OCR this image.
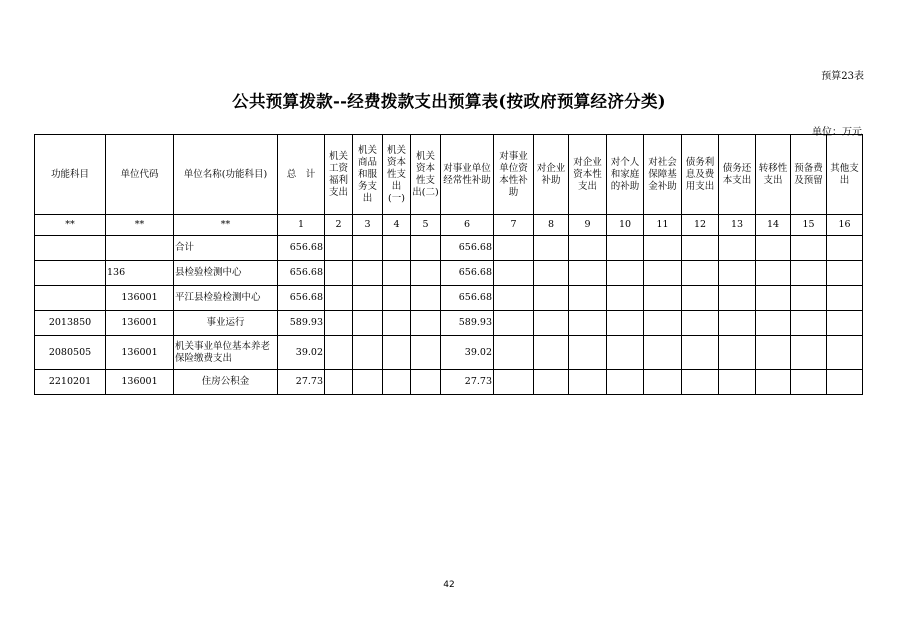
预算23表
公共预算拨款--经费拨款支出预算表(按政府预算经济分类)
单位：万元
功能科目	单位代码	单位名称(功能科目)	总　计	机关工资福利支出	机关商品和服务支出	机关资本性支出(一)	机关资本性支出(二)	对事业单位经常性补助	对事业单位资本性补助	对企业补助	对企业资本性支出	对个人和家庭的补助	对社会保障基金补助	债务利息及费用支出	债务还本支出	转移性支出	预备费及预留	其他支出
**	**	**	1	2	3	4	5	6	7	8	9	10	11	12	13	14	15	16
		合计	656.68					656.68										
	136	县检验检测中心	656.68					656.68										
	136001	平江县检验检测中心	656.68					656.68										
2013850	136001	事业运行	589.93					589.93										
2080505	136001	机关事业单位基本养老保险缴费支出	39.02					39.02										
2210201	136001	住房公积金	27.73					27.73										
42
